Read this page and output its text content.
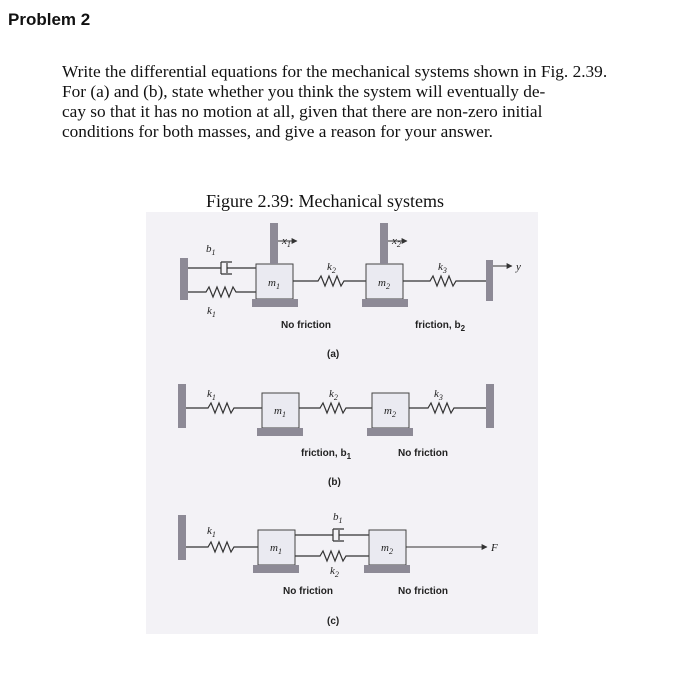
Problem 2
Write the differential equations for the mechanical systems shown in Fig. 2.39.
For (a) and (b), state whether you think the system will eventually de-
cay so that it has no motion at all, given that there are non-zero initial
conditions for both masses, and give a reason for your answer.
Figure 2.39: Mechanical systems
$b_1$
$k_1$
$m_1$
$k_2$
$m_2$
$k_3$
$x_1$	$x_2$
y
No friction	friction, $b_2$
(a)
$k_1$
$m_1$
$k_2$
$m_2$
$k_3$
friction, $b_1$	No friction
(b)
$k_1$
$m_1$
$b_1$
$k_2$
$m_2$	F
No friction	No friction
(c)
